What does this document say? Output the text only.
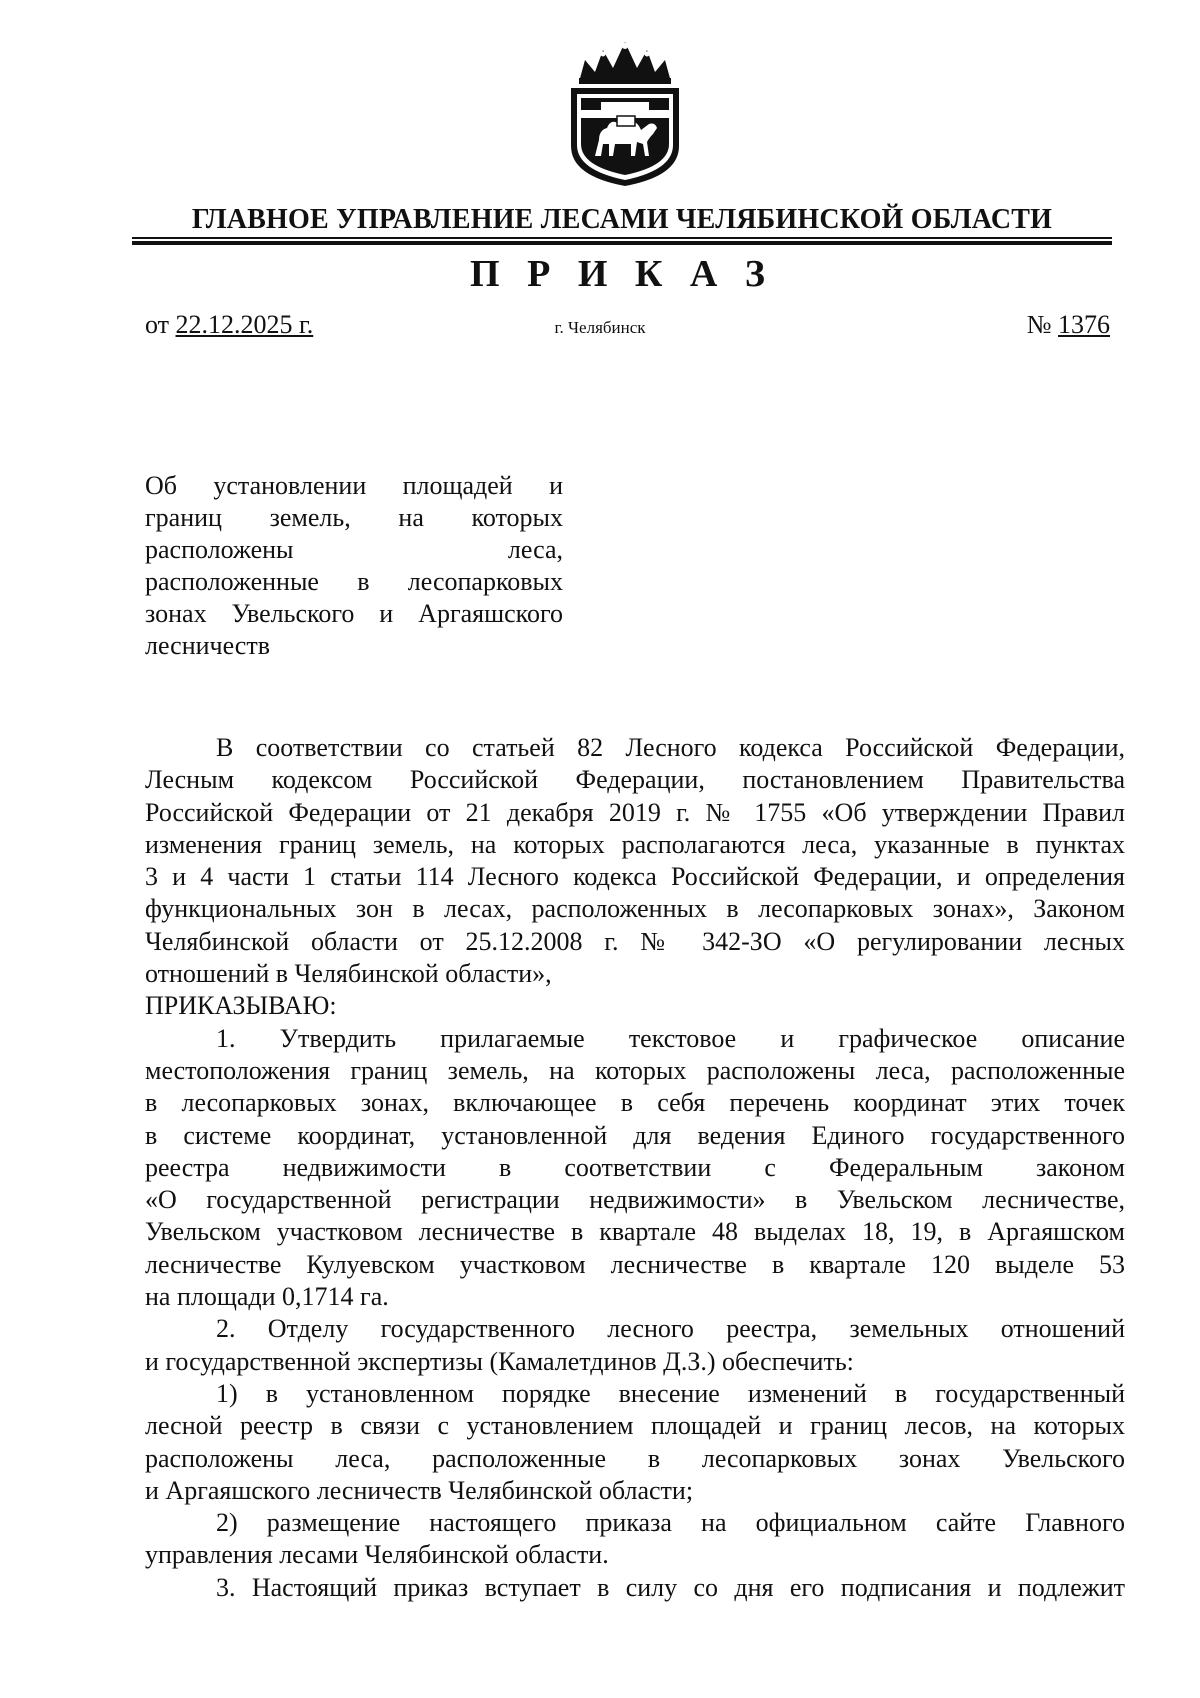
ГЛАВНОЕ УПРАВЛЕНИЕ ЛЕСАМИ ЧЕЛЯБИНСКОЙ ОБЛАСТИ
П Р И К А З
от 22.12.2025 г.	г. Челябинск	№ 1376
Об установлении площадей и
границ земель, на которых
расположены леса,
расположенные в лесопарковых
зонах Увельского и Аргаяшского
лесничеств
В соответствии со статьей 82 Лесного кодекса Российской Федерации,
Лесным кодексом Российской Федерации, постановлением Правительства
Российской Федерации от 21 декабря 2019 г. № 1755 «Об утверждении Правил
изменения границ земель, на которых располагаются леса, указанные в пунктах
3 и 4 части 1 статьи 114 Лесного кодекса Российской Федерации, и определения
функциональных зон в лесах, расположенных в лесопарковых зонах», Законом
Челябинской области от 25.12.2008 г. № 342-ЗО «О регулировании лесных
отношений в Челябинской области»,
ПРИКАЗЫВАЮ:
1. Утвердить прилагаемые текстовое и графическое описание
местоположения границ земель, на которых расположены леса, расположенные
в лесопарковых зонах, включающее в себя перечень координат этих точек
в системе координат, установленной для ведения Единого государственного
реестра недвижимости в соответствии с Федеральным законом
«О государственной регистрации недвижимости» в Увельском лесничестве,
Увельском участковом лесничестве в квартале 48 выделах 18, 19, в Аргаяшском
лесничестве Кулуевском участковом лесничестве в квартале 120 выделе 53
на площади 0,1714 га.
2. Отделу государственного лесного реестра, земельных отношений
и государственной экспертизы (Камалетдинов Д.З.) обеспечить:
1) в установленном порядке внесение изменений в государственный
лесной реестр в связи с установлением площадей и границ лесов, на которых
расположены леса, расположенные в лесопарковых зонах Увельского
и Аргаяшского лесничеств Челябинской области;
2) размещение настоящего приказа на официальном сайте Главного
управления лесами Челябинской области.
3. Настоящий приказ вступает в силу со дня его подписания и подлежит
